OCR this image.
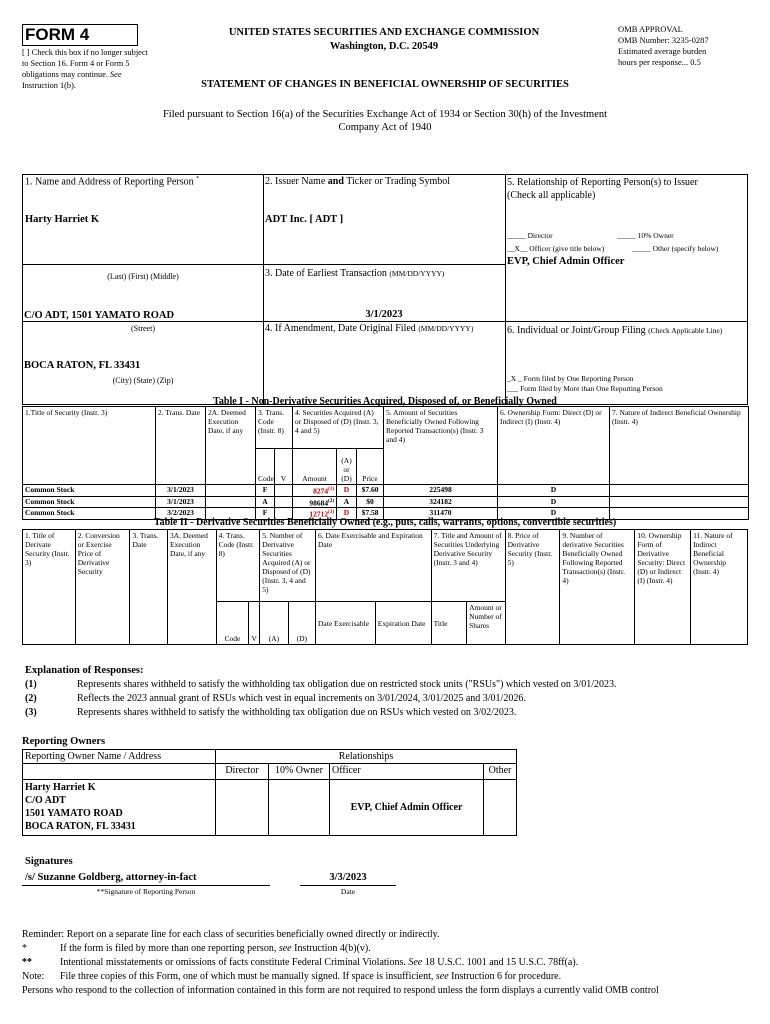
FORM 4
[ ] Check this box if no longer subject to Section 16. Form 4 or Form 5 obligations may continue. See Instruction 1(b).
UNITED STATES SECURITIES AND EXCHANGE COMMISSION
Washington, D.C. 20549
OMB APPROVAL
OMB Number: 3235-0287
Estimated average burden
hours per response... 0.5
STATEMENT OF CHANGES IN BENEFICIAL OWNERSHIP OF SECURITIES
Filed pursuant to Section 16(a) of the Securities Exchange Act of 1934 or Section 30(h) of the Investment Company Act of 1940
1. Name and Address of Reporting Person *
Harty Harriet K
(Last) (First) (Middle)
C/O ADT, 1501 YAMATO ROAD
(Street)
BOCA RATON, FL 33431
(City) (State) (Zip)
2. Issuer Name and Ticker or Trading Symbol
ADT Inc. [ ADT ]
3. Date of Earliest Transaction (MM/DD/YYYY)
3/1/2023
4. If Amendment, Date Original Filed (MM/DD/YYYY)
5. Relationship of Reporting Person(s) to Issuer
(Check all applicable)
_____ Director	_____ 10% Owner
__X__ Officer (give title below)	_____ Other (specify below)
EVP, Chief Admin Officer
6. Individual or Joint/Group Filing (Check Applicable Line)
_X _ Form filed by One Reporting Person
___ Form filed by More than One Reporting Person
Table I - Non-Derivative Securities Acquired, Disposed of, or Beneficially Owned
1.Title of Security (Instr. 3)	2. Trans. Date	2A. Deemed Execution Date, if any	3. Trans. Code (Instr. 8)		4. Securities Acquired (A) or Disposed of (D) (Instr. 3, 4 and 5)			5. Amount of Securities Beneficially Owned Following Reported Transaction(s) (Instr. 3 and 4)	6. Ownership Form: Direct (D) or Indirect (I) (Instr. 4)	7. Nature of Indirect Beneficial Ownership (Instr. 4)
			Code	V	Amount	(A) or (D)	Price			
Common Stock	3/1/2023		F		8274$^{(1)}$	D	$7.60	225498	D	
Common Stock	3/1/2023		A		98684$^{(2)}$	A	$0	324182	D	
Common Stock	3/2/2023		F		12712$^{(3)}$	D	$7.58	311470	D	
Table II - Derivative Securities Beneficially Owned (e.g., puts, calls, warrants, options, convertible securities)
1. Title of Derivate Security (Instr. 3)	2. Conversion or Exercise Price of Derivative Security	3. Trans. Date	3A. Deemed Execution Date, if any	4. Trans. Code (Instr. 8)		5. Number of Derivative Securities Acquired (A) or Disposed of (D) (Instr. 3, 4 and 5)		6. Date Exercisable and Expiration Date		7. Title and Amount of Securities Underlying Derivative Security (Instr. 3 and 4)		8. Price of Derivative Security (Instr. 5)	9. Number of derivative Securities Beneficially Owned Following Reported Transaction(s) (Instr. 4)	10. Ownership Form of Derivative Security: Direct (D) or Indirect (I) (Instr. 4)	11. Nature of Indirect Beneficial Ownership (Instr. 4)
				Code	V	(A)	(D)	Date Exercisable	Expiration Date	Title	Amount or Number of Shares				
Explanation of Responses:
(1)	Represents shares withheld to satisfy the withholding tax obligation due on restricted stock units ("RSUs") which vested on 3/01/2023.
(2)	Reflects the 2023 annual grant of RSUs which vest in equal increments on 3/01/2024, 3/01/2025 and 3/01/2026.
(3)	Represents shares withheld to satisfy the withholding tax obligation due on RSUs which vested on 3/02/2023.
Reporting Owners
Reporting Owner Name / Address	Relationships			
	Director	10% Owner	Officer	Other

Harty Harriet K
C/O ADT
1501 YAMATO ROAD
BOCA RATON, FL 33431			EVP, Chief Admin Officer	
Signatures
/s/ Suzanne Goldberg, attorney-in-fact
**Signature of Reporting Person
3/3/2023
Date
Reminder: Report on a separate line for each class of securities beneficially owned directly or indirectly.
*	If the form is filed by more than one reporting person, see Instruction 4(b)(v).
**	Intentional misstatements or omissions of facts constitute Federal Criminal Violations. See 18 U.S.C. 1001 and 15 U.S.C. 78ff(a).
Note: File three copies of this Form, one of which must be manually signed. If space is insufficient, see Instruction 6 for procedure.
Persons who respond to the collection of information contained in this form are not required to respond unless the form displays a currently valid OMB control
